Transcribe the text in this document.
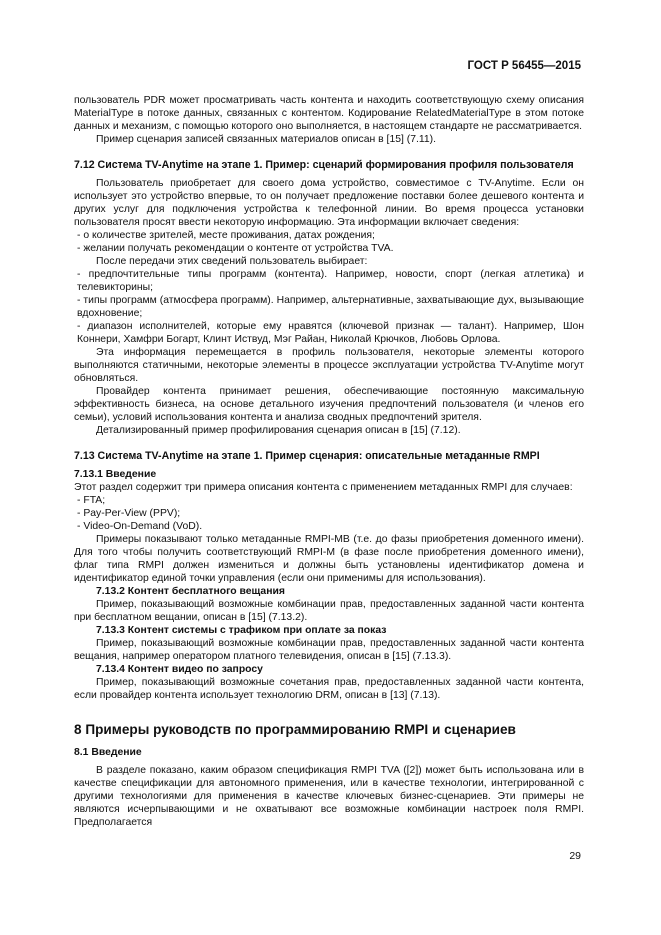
ГОСТ Р 56455—2015

пользователь PDR может просматривать часть контента и находить соответствующую схему описания MaterialType в потоке данных, связанных с контентом. Кодирование RelatedMaterialType в этом потоке данных и механизм, с помощью которого оно выполняется, в настоящем стандарте не рассматривается.

Пример сценария записей связанных материалов описан в [15] (7.11).

7.12 Система TV-Anytime на этапе 1. Пример: сценарий формирования профиля пользователя

Пользователь приобретает для своего дома устройство, совместимое с TV-Anytime. Если он использует это устройство впервые, то он получает предложение поставки более дешевого контента и других услуг для подключения устройства к телефонной линии. Во время процесса установки пользователя просят ввести некоторую информацию. Эта информации включает сведения:

- о количестве зрителей, месте проживания, датах рождения;

- желании получать рекомендации о контенте от устройства TVA.

После передачи этих сведений пользователь выбирает:

- предпочтительные типы программ (контента). Например, новости, спорт (легкая атлетика) и телевикторины;

- типы программ (атмосфера программ). Например, альтернативные, захватывающие дух, вызывающие вдохновение;

- диапазон исполнителей, которые ему нравятся (ключевой признак — талант). Например, Шон Коннери, Хамфри Богарт, Клинт Иствуд, Мэг Райан, Николай Крючков, Любовь Орлова.

Эта информация перемещается в профиль пользователя, некоторые элементы которого выполняются статичными, некоторые элементы в процессе эксплуатации устройства TV-Anytime могут обновляться.

Провайдер контента принимает решения, обеспечивающие постоянную максимальную эффективность бизнеса, на основе детального изучения предпочтений пользователя (и членов его семьи), условий использования контента и анализа сводных предпочтений зрителя.

Детализированный пример профилирования сценария описан в [15] (7.12).

7.13 Система TV-Anytime на этапе 1. Пример сценария: описательные метаданные RMPI

7.13.1 Введение

Этот раздел содержит три примера описания контента с применением метаданных RMPI для случаев:

- FTA;

- Pay-Per-View (PPV);

- Video-On-Demand (VoD).

Примеры показывают только метаданные RMPI-MB (т.е. до фазы приобретения доменного имени). Для того чтобы получить соответствующий RMPI-M (в фазе после приобретения доменного имени), флаг типа RMPI должен измениться и должны быть установлены идентификатор домена и идентификатор единой точки управления (если они применимы для использования).

7.13.2 Контент бесплатного вещания

Пример, показывающий возможные комбинации прав, предоставленных заданной части контента при бесплатном вещании, описан в [15] (7.13.2).

7.13.3 Контент системы с трафиком при оплате за показ

Пример, показывающий возможные комбинации прав, предоставленных заданной части контента вещания, например оператором платного телевидения, описан в [15] (7.13.3).

7.13.4 Контент видео по запросу

Пример, показывающий возможные сочетания прав, предоставленных заданной части контента, если провайдер контента использует технологию DRM, описан в [13] (7.13).

8 Примеры руководств по программированию RMPI и сценариев

8.1 Введение

В разделе показано, каким образом спецификация RMPI TVA ([2]) может быть использована или в качестве спецификации для автономного применения, или в качестве технологии, интегрированной с другими технологиями для применения в качестве ключевых бизнес-сценариев. Эти примеры не являются исчерпывающими и не охватывают все возможные комбинации настроек поля RMPI. Предполагается

29
